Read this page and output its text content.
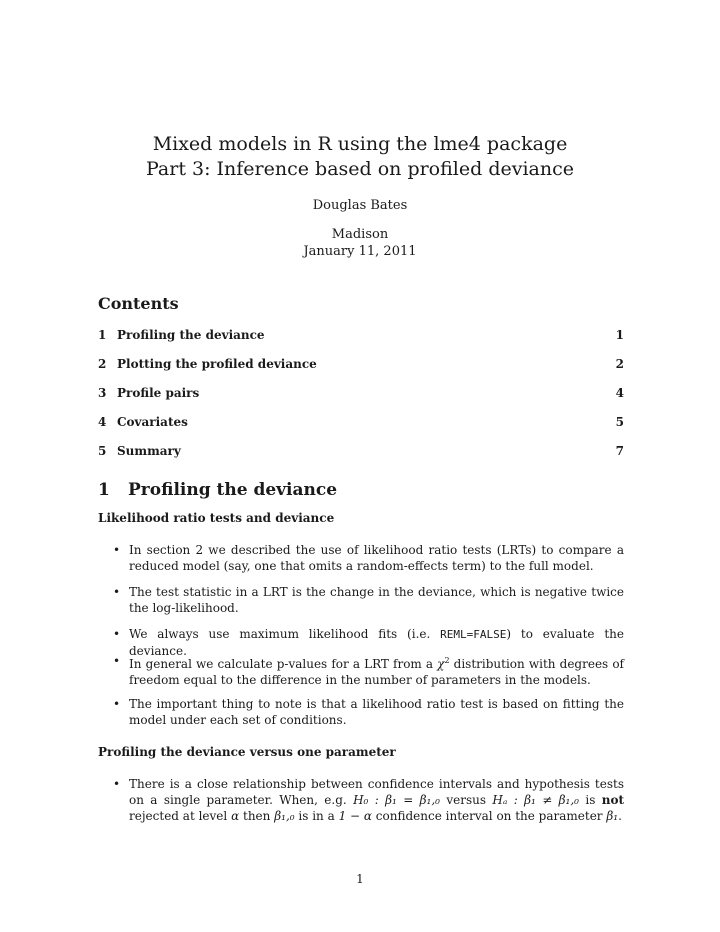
Mixed models in R using the lme4 package
Part 3: Inference based on profiled deviance
Douglas Bates
Madison
January 11, 2011
Contents
1 Profiling the deviance	1
2 Plotting the profiled deviance	2
3 Profile pairs	4
4 Covariates	5
5 Summary	7
1 Profiling the deviance
Likelihood ratio tests and deviance
• In section 2 we described the use of likelihood ratio tests (LRTs) to compare a reduced model (say, one that omits a random-effects term) to the full model.
• The test statistic in a LRT is the change in the deviance, which is negative twice the log-likelihood.
• We always use maximum likelihood fits (i.e. REML=FALSE) to evaluate the deviance.
• In general we calculate p-values for a LRT from a $\chi^2$ distribution with degrees of freedom equal to the difference in the number of parameters in the models.
• The important thing to note is that a likelihood ratio test is based on fitting the model under each set of conditions.
Profiling the deviance versus one parameter
• There is a close relationship between confidence intervals and hypothesis tests on a single parameter. When, e.g. H₀ : β₁ = β₁,₀ versus Hₐ : β₁ ≠ β₁,₀ is not rejected at level α then β₁,₀ is in a 1 − α confidence interval on the parameter β₁.
1
